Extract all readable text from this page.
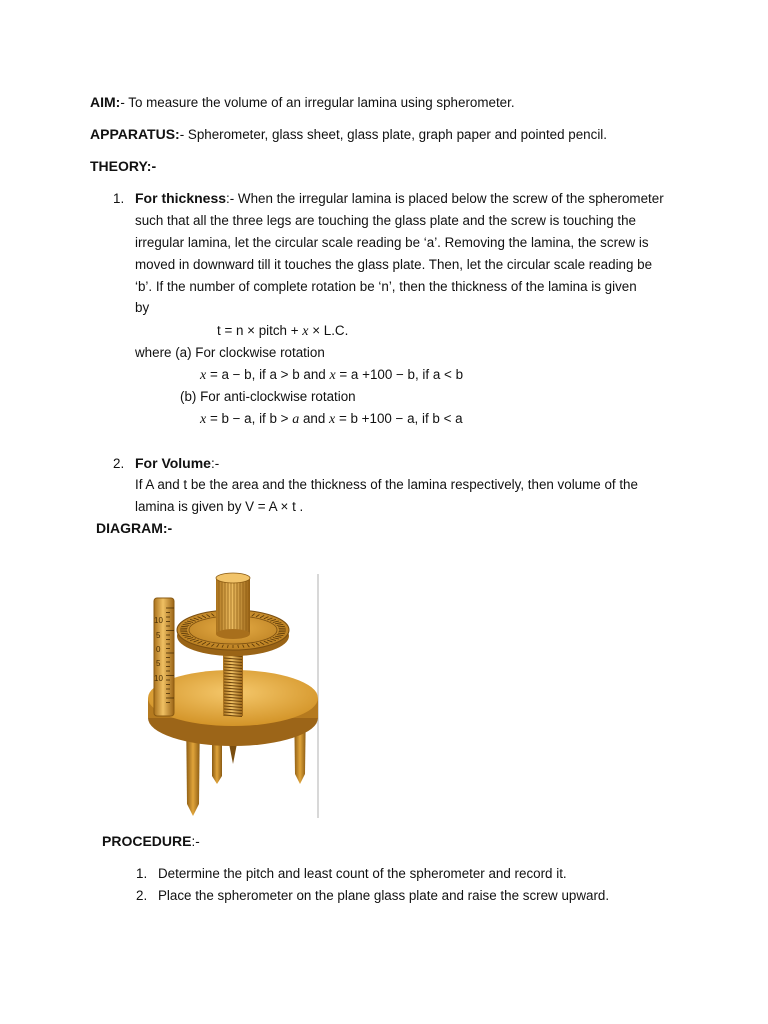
AIM:- To measure the volume of an irregular lamina using spherometer.
APPARATUS:- Spherometer, glass sheet, glass plate, graph paper and pointed pencil.
THEORY:-
1. For thickness:- When the irregular lamina is placed below the screw of the spherometer
such that all the three legs are touching the glass plate and the screw is touching the
irregular lamina, let the circular scale reading be ‘a’. Removing the lamina, the screw is
moved in downward till it touches the glass plate. Then, let the circular scale reading be
‘b’. If the number of complete rotation be ‘n’, then the thickness of the lamina is given
by
t = n × pitch + x × L.C.
where (a) For clockwise rotation
x = a − b, if a > b and x = a +100 − b, if a < b
(b) For anti-clockwise rotation
x = b − a, if b > a and x = b +100 − a, if b < a
2. For Volume:-
If A and t be the area and the thickness of the lamina respectively, then volume of the
lamina is given by V = A × t .
DIAGRAM:-
10
5
0
5
10
PROCEDURE:-
1. Determine the pitch and least count of the spherometer and record it.
2. Place the spherometer on the plane glass plate and raise the screw upward.
